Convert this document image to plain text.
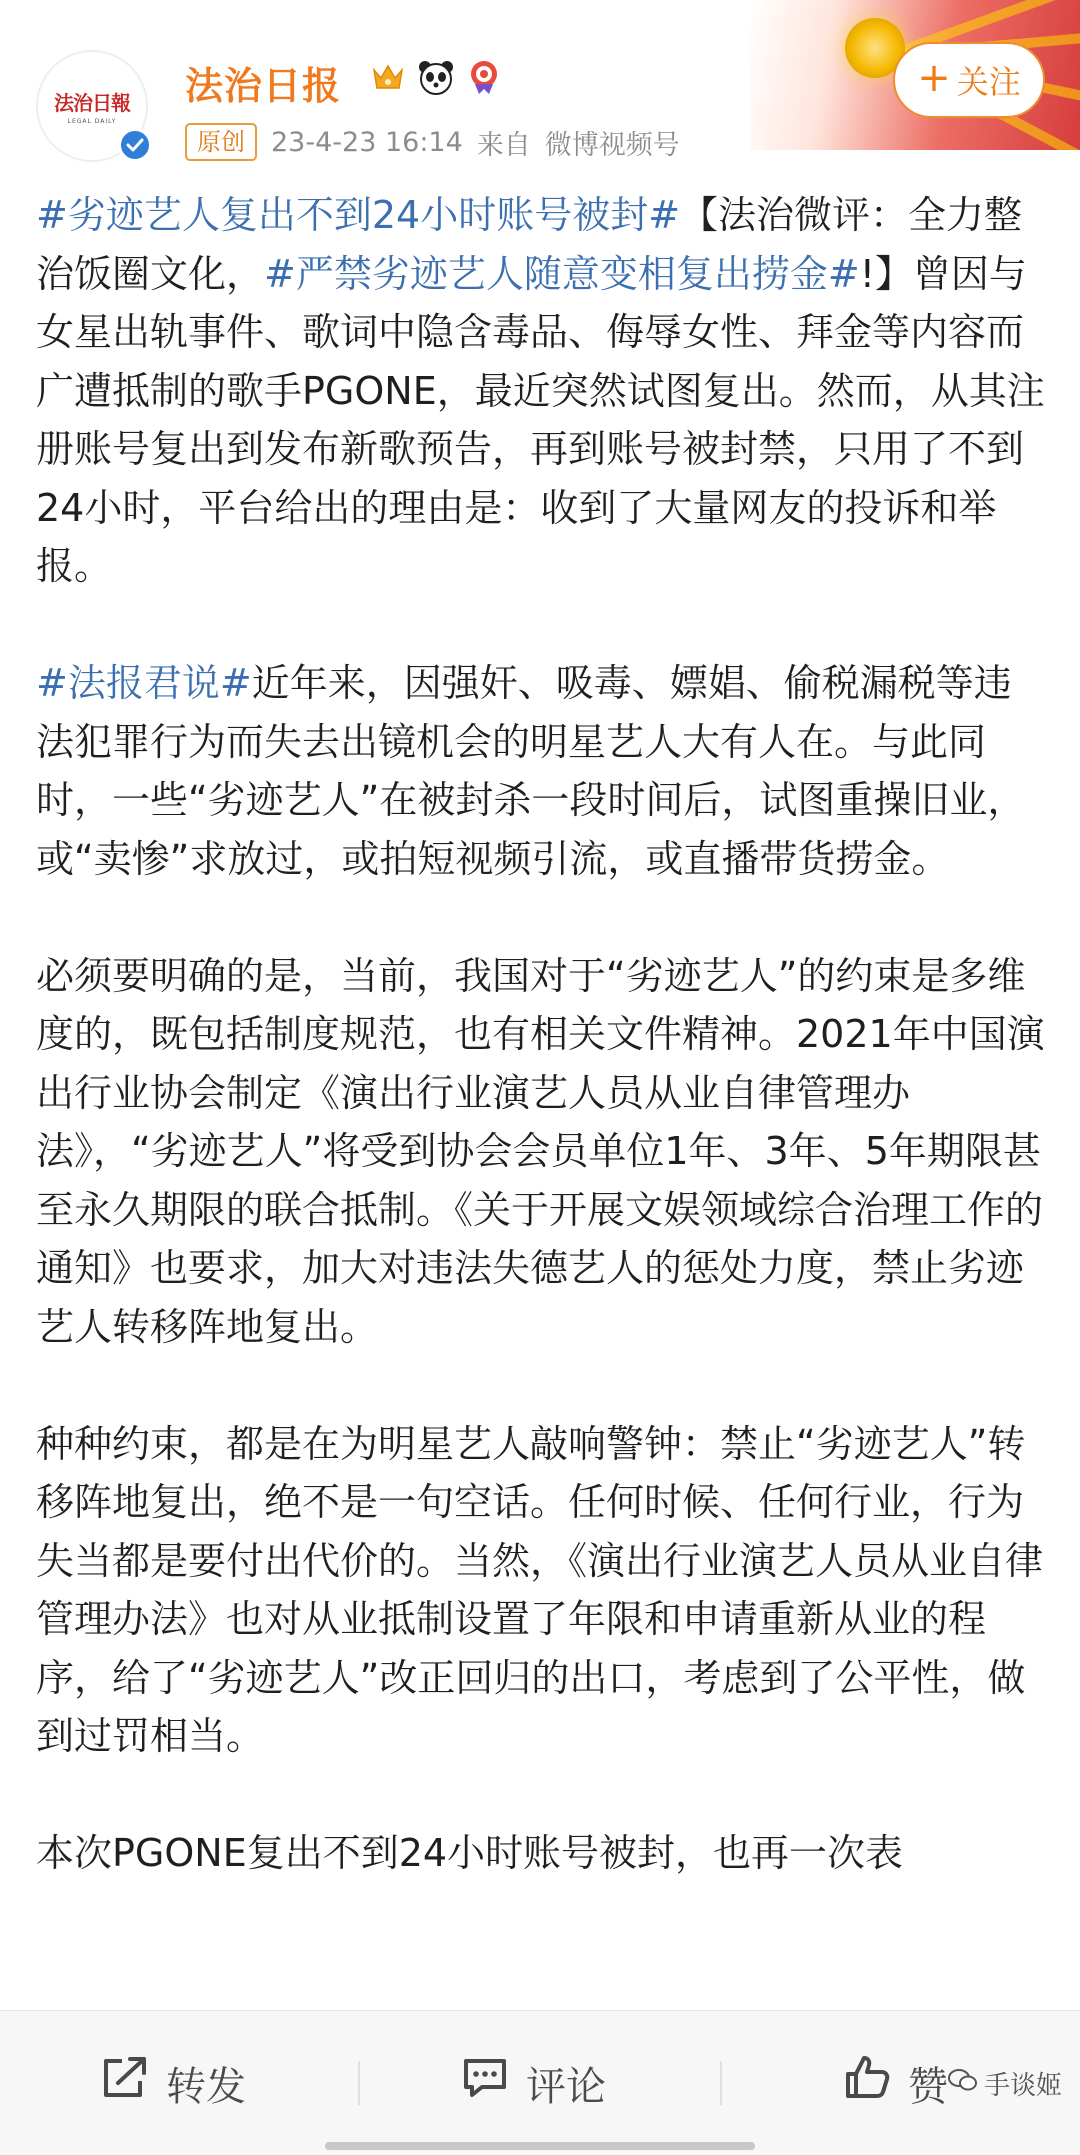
法治日報
LEGAL DAILY
法治日报
原创 23-4-23 16:14 来自 微博视频号
+ 关注

#劣迹艺人复出不到24小时账号被封#【法治微评：全力整治饭圈文化，#严禁劣迹艺人随意变相复出捞金#!】曾因与女星出轨事件、歌词中隐含毒品、侮辱女性、拜金等内容而广遭抵制的歌手PGONE，最近突然试图复出。然而，从其注册账号复出到发布新歌预告，再到账号被封禁，只用了不到24小时，平台给出的理由是：收到了大量网友的投诉和举报。

#法报君说#近年来，因强奸、吸毒、嫖娼、偷税漏税等违法犯罪行为而失去出镜机会的明星艺人大有人在。与此同时，一些“劣迹艺人”在被封杀一段时间后，试图重操旧业，或“卖惨”求放过，或拍短视频引流，或直播带货捞金。

必须要明确的是，当前，我国对于“劣迹艺人”的约束是多维度的，既包括制度规范，也有相关文件精神。2021年中国演出行业协会制定《演出行业演艺人员从业自律管理办法》，“劣迹艺人”将受到协会会员单位1年、3年、5年期限甚至永久期限的联合抵制。《关于开展文娱领域综合治理工作的通知》也要求，加大对违法失德艺人的惩处力度，禁止劣迹艺人转移阵地复出。

种种约束，都是在为明星艺人敲响警钟：禁止“劣迹艺人”转移阵地复出，绝不是一句空话。任何时候、任何行业，行为失当都是要付出代价的。当然，《演出行业演艺人员从业自律管理办法》也对从业抵制设置了年限和申请重新从业的程序，给了“劣迹艺人”改正回归的出口，考虑到了公平性，做到过罚相当。

本次PGONE复出不到24小时账号被封，也再一次表

转发	评论	赞 手谈姬
